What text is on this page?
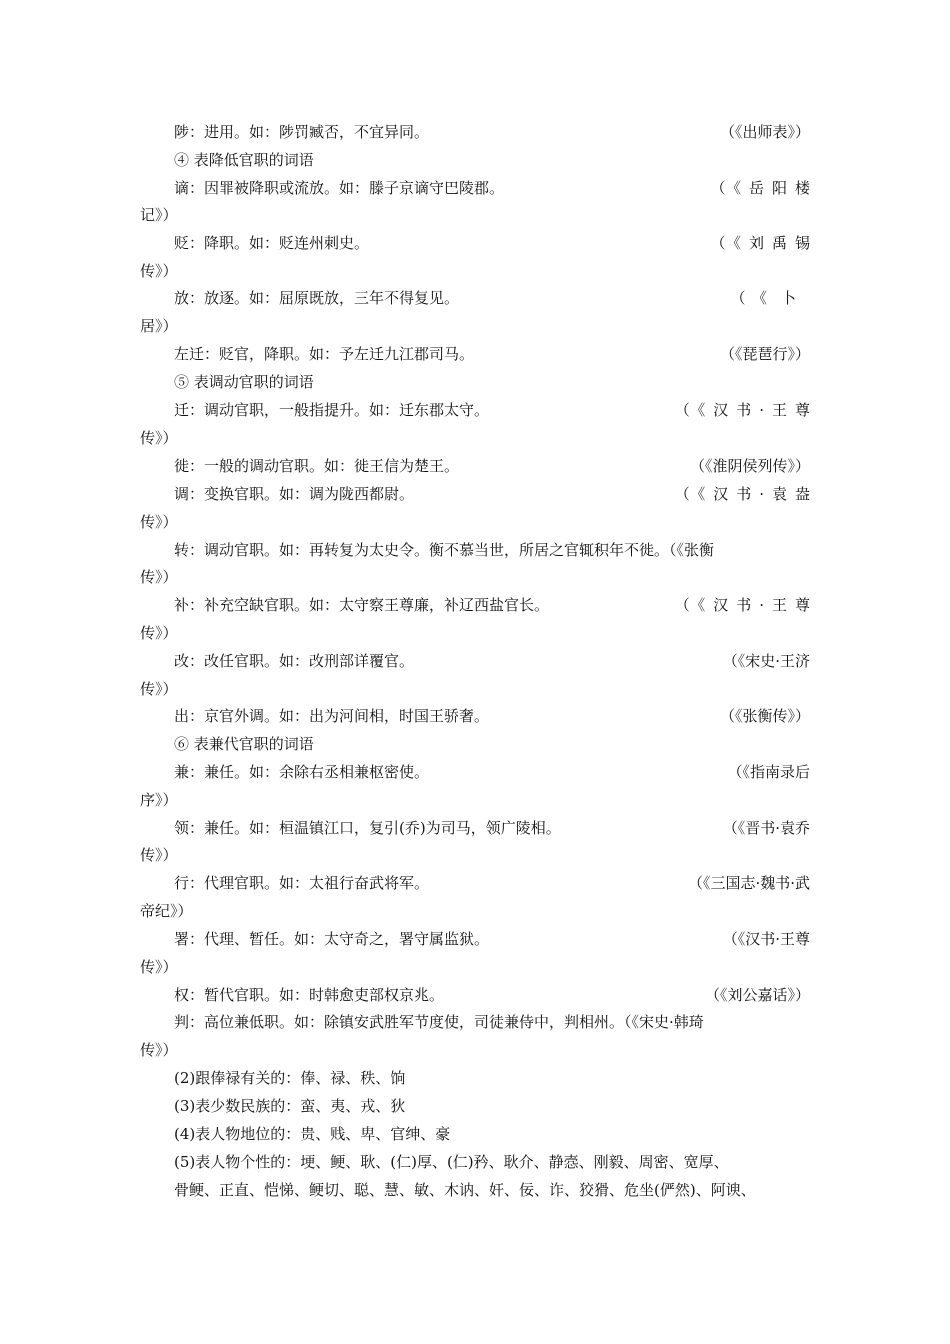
陟：进用。如：陟罚臧否，不宜异同。	（《出师表》）
④ 表降低官职的词语
谪：因罪被降职或流放。如：滕子京谪守巴陵郡。	（《岳阳楼
记》）
贬：降职。如：贬连州刺史。	（《刘禹锡
传》）
放：放逐。如：屈原既放，三年不得复见。	（《卜
居》）
左迁：贬官，降职。如：予左迁九江郡司马。	（《琵琶行》）
⑤ 表调动官职的词语
迁：调动官职，一般指提升。如：迁东郡太守。	（《汉书·王尊
传》）
徙：一般的调动官职。如：徙王信为楚王。	（《淮阴侯列传》）
调：变换官职。如：调为陇西都尉。	（《汉书·袁盎
传》）
转：调动官职。如：再转复为太史令。衡不慕当世，所居之官辄积年不徙。（《张衡
传》）
补：补充空缺官职。如：太守察王尊廉，补辽西盐官长。	（《汉书·王尊
传》）
改：改任官职。如：改刑部详覆官。	（《宋史·王济
传》）
出：京官外调。如：出为河间相，时国王骄奢。	（《张衡传》）
⑥ 表兼代官职的词语
兼：兼任。如：余除右丞相兼枢密使。	（《指南录后
序》）
领：兼任。如：桓温镇江口，复引(乔)为司马，领广陵相。	（《晋书·袁乔
传》）
行：代理官职。如：太祖行奋武将军。	（《三国志·魏书·武
帝纪》）
署：代理、暂任。如：太守奇之，署守属监狱。	（《汉书·王尊
传》）
权：暂代官职。如：时韩愈吏部权京兆。	（《刘公嘉话》）
判：高位兼低职。如：除镇安武胜军节度使，司徒兼侍中，判相州。（《宋史·韩琦
传》）
(2)跟俸禄有关的：俸、禄、秩、饷
(3)表少数民族的：蛮、夷、戎、狄
(4)表人物地位的：贵、贱、卑、官绅、豪
(5)表人物个性的：埂、鲠、耿、(仁)厚、(仁)矜、耿介、静悫、刚毅、周密、宽厚、
骨鲠、正直、恺悌、鲠切、聪、慧、敏、木讷、奸、佞、诈、狡猾、危坐(俨然)、阿谀、
